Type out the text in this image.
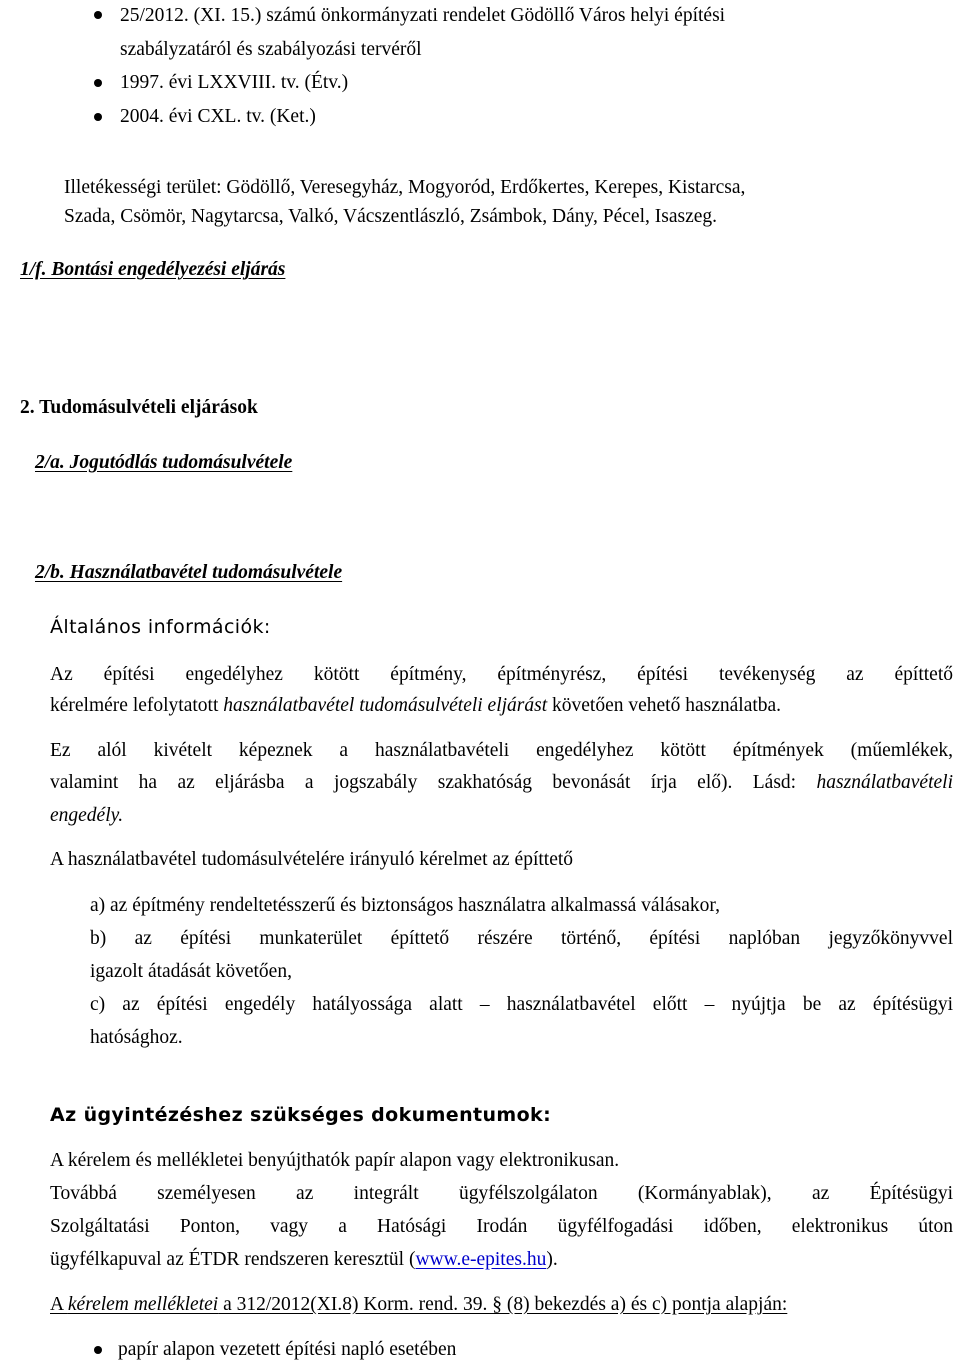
25/2012. (XI. 15.) számú önkormányzati rendelet Gödöllő Város helyi építési
szabályzatáról és szabályozási tervéről
1997. évi LXXVIII. tv. (Étv.)
2004. évi CXL. tv. (Ket.)
Illetékességi terület: Gödöllő, Veresegyház, Mogyoród, Erdőkertes, Kerepes, Kistarcsa,
Szada, Csömör, Nagytarcsa, Valkó, Vácszentlászló, Zsámbok, Dány, Pécel, Isaszeg.
1/f. Bontási engedélyezési eljárás
2. Tudomásulvételi eljárások
2/a. Jogutódlás tudomásulvétele
2/b. Használatbavétel tudomásulvétele
Általános információk:
Az építési engedélyhez kötött építmény, építményrész, építési tevékenység az építtető
kérelmére lefolytatott használatbavétel tudomásulvételi eljárást követően vehető használatba.
Ez alól kivételt képeznek a használatbavételi engedélyhez kötött építmények (műemlékek,
valamint ha az eljárásba a jogszabály szakhatóság bevonását írja elő). Lásd: használatbavételi
engedély.
A használatbavétel tudomásulvételére irányuló kérelmet az építtető
a) az építmény rendeltetésszerű és biztonságos használatra alkalmassá válásakor,
b) az építési munkaterület építtető részére történő, építési naplóban jegyzőkönyvvel
igazolt átadását követően,
c) az építési engedély hatályossága alatt – használatbavétel előtt – nyújtja be az építésügyi
hatósághoz.
Az ügyintézéshez szükséges dokumentumok:
A kérelem és mellékletei benyújthatók papír alapon vagy elektronikusan.
Továbbá személyesen az integrált ügyfélszolgálaton (Kormányablak), az Építésügyi
Szolgáltatási Ponton, vagy a Hatósági Irodán ügyfélfogadási időben, elektronikus úton
ügyfélkapuval az ÉTDR rendszeren keresztül (www.e-epites.hu).
A kérelem mellékletei a 312/2012(XI.8) Korm. rend. 39. § (8) bekezdés a) és c) pontja alapján:
papír alapon vezetett építési napló esetében
